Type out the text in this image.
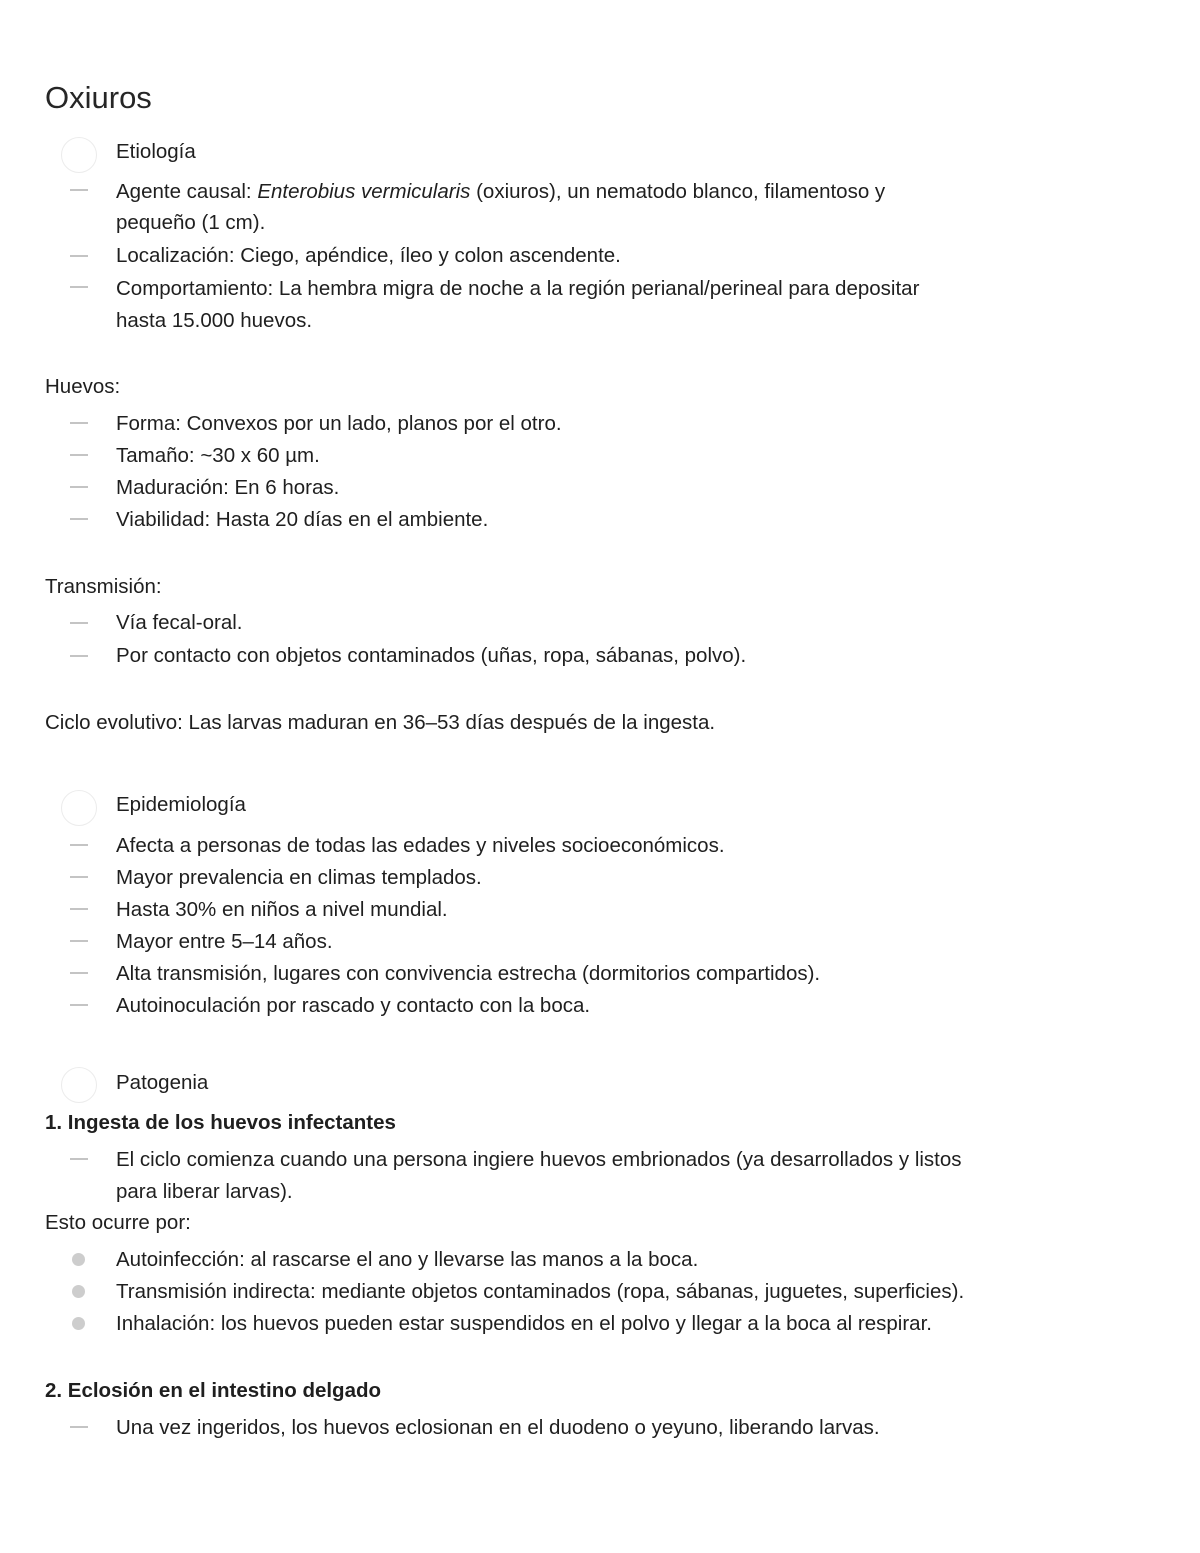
Oxiuros
Etiología
Agente causal: Enterobius vermicularis (oxiuros), un nematodo blanco, filamentoso y
pequeño (1 cm).
Localización: Ciego, apéndice, íleo y colon ascendente.
Comportamiento: La hembra migra de noche a la región perianal/perineal para depositar
hasta 15.000 huevos.
Huevos:
Forma: Convexos por un lado, planos por el otro.
Tamaño: ~30 x 60 µm.
Maduración: En 6 horas.
Viabilidad: Hasta 20 días en el ambiente.
Transmisión:
Vía fecal-oral.
Por contacto con objetos contaminados (uñas, ropa, sábanas, polvo).
Ciclo evolutivo: Las larvas maduran en 36–53 días después de la ingesta.
Epidemiología
Afecta a personas de todas las edades y niveles socioeconómicos.
Mayor prevalencia en climas templados.
Hasta 30% en niños a nivel mundial.
Mayor entre 5–14 años.
Alta transmisión, lugares con convivencia estrecha (dormitorios compartidos).
Autoinoculación por rascado y contacto con la boca.
Patogenia
1. Ingesta de los huevos infectantes
El ciclo comienza cuando una persona ingiere huevos embrionados (ya desarrollados y listos
para liberar larvas).
Esto ocurre por:
Autoinfección: al rascarse el ano y llevarse las manos a la boca.
Transmisión indirecta: mediante objetos contaminados (ropa, sábanas, juguetes, superficies).
Inhalación: los huevos pueden estar suspendidos en el polvo y llegar a la boca al respirar.
2. Eclosión en el intestino delgado
Una vez ingeridos, los huevos eclosionan en el duodeno o yeyuno, liberando larvas.
